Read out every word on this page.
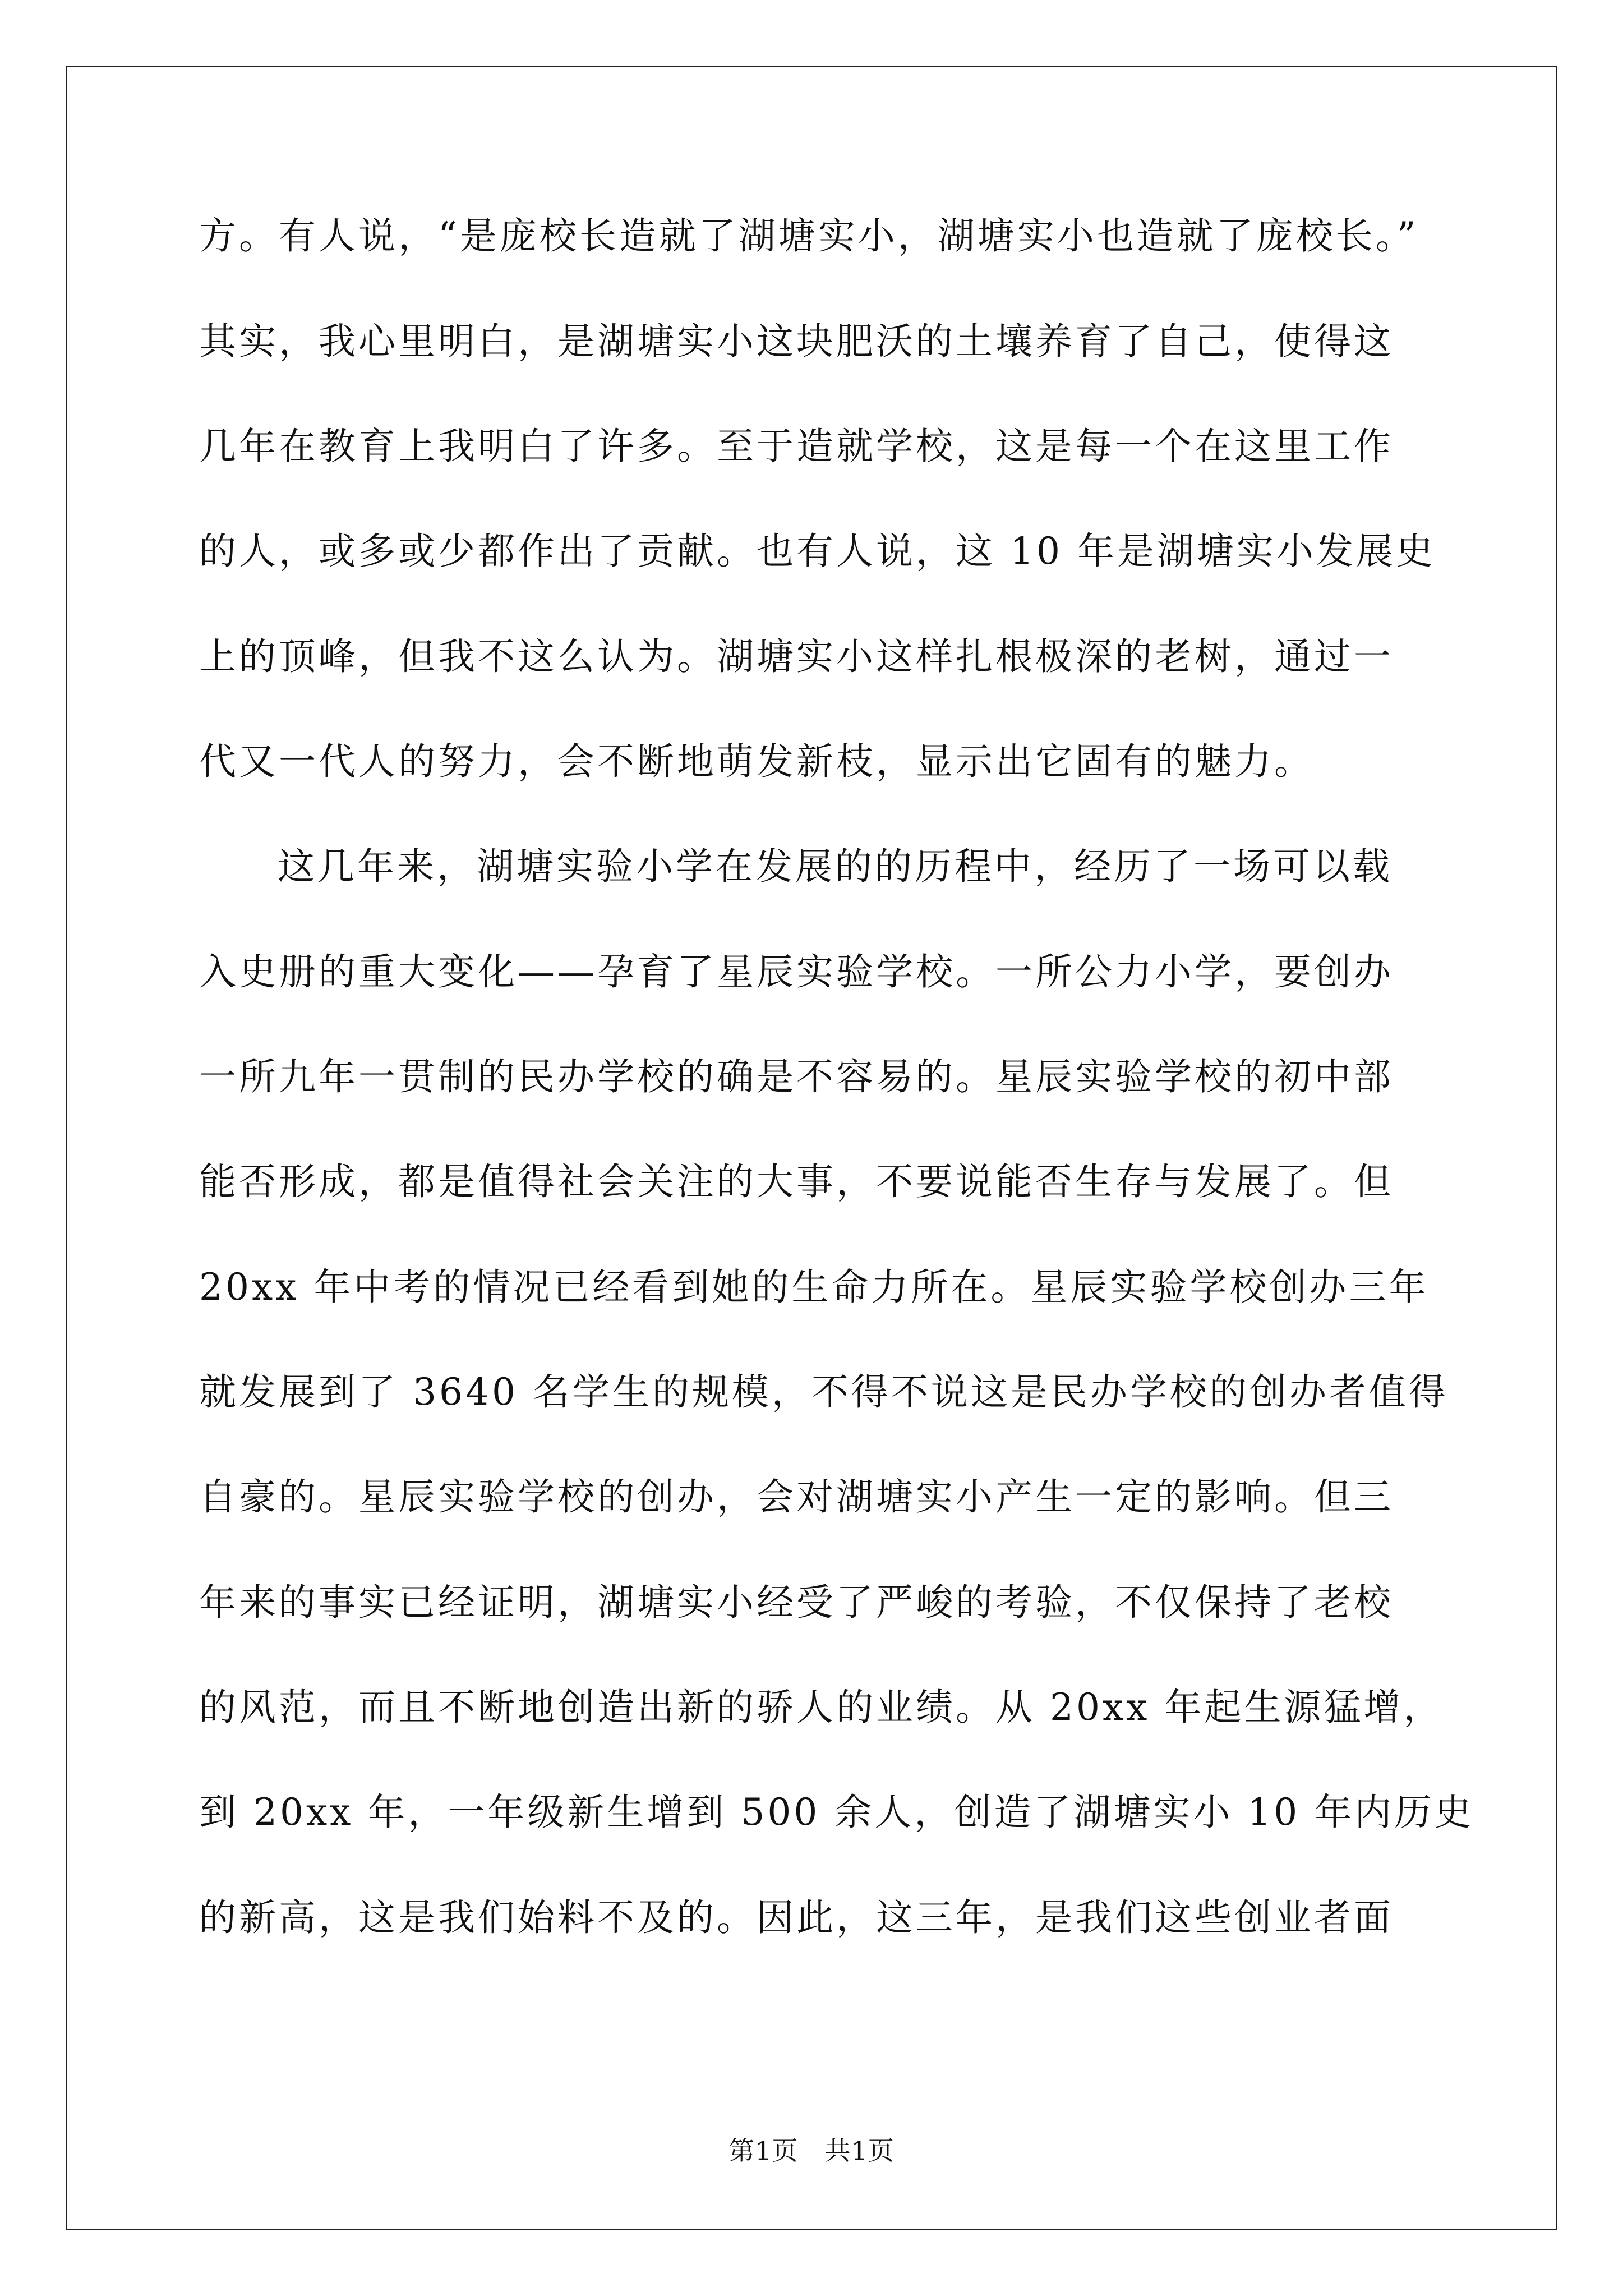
方。有人说，“是庞校长造就了湖塘实小，湖塘实小也造就了庞校长。”
其实，我心里明白，是湖塘实小这块肥沃的土壤养育了自己，使得这
几年在教育上我明白了许多。至于造就学校，这是每一个在这里工作
的人，或多或少都作出了贡献。也有人说，这 10 年是湖塘实小发展史
上的顶峰，但我不这么认为。湖塘实小这样扎根极深的老树，通过一
代又一代人的努力，会不断地萌发新枝，显示出它固有的魅力。
这几年来，湖塘实验小学在发展的的历程中，经历了一场可以载
入史册的重大变化——孕育了星辰实验学校。一所公力小学，要创办
一所九年一贯制的民办学校的确是不容易的。星辰实验学校的初中部
能否形成，都是值得社会关注的大事，不要说能否生存与发展了。但
20xx 年中考的情况已经看到她的生命力所在。星辰实验学校创办三年
就发展到了 3640 名学生的规模，不得不说这是民办学校的创办者值得
自豪的。星辰实验学校的创办，会对湖塘实小产生一定的影响。但三
年来的事实已经证明，湖塘实小经受了严峻的考验，不仅保持了老校
的风范，而且不断地创造出新的骄人的业绩。从 20xx 年起生源猛增，
到 20xx 年，一年级新生增到 500 余人，创造了湖塘实小 10 年内历史
的新高，这是我们始料不及的。因此，这三年，是我们这些创业者面
第1页　共1页
